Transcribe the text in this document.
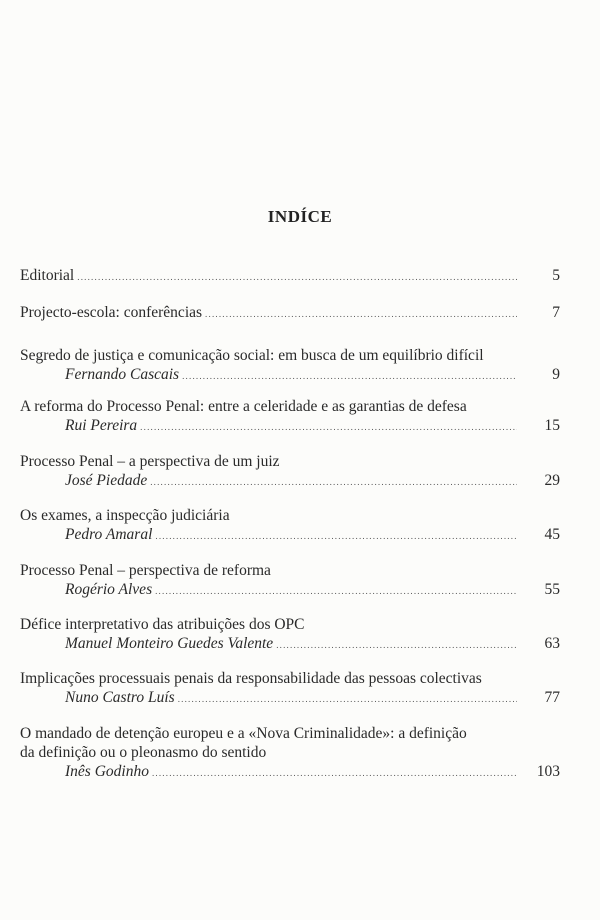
INDÍCE
Editorial .....	5
Projecto-escola: conferências .....	7
Segredo de justiça e comunicação social: em busca de um equilíbrio difícil
Fernando Cascais .....	9
A reforma do Processo Penal: entre a celeridade e as garantias de defesa
Rui Pereira .....	15
Processo Penal – a perspectiva de um juiz
José Piedade .....	29
Os exames, a inspecção judiciária
Pedro Amaral .....	45
Processo Penal – perspectiva de reforma
Rogério Alves .....	55
Défice interpretativo das atribuições dos OPC
Manuel Monteiro Guedes Valente .....	63
Implicações processuais penais da responsabilidade das pessoas colectivas
Nuno Castro Luís .....	77
O mandado de detenção europeu e a «Nova Criminalidade»: a definição
da definição ou o pleonasmo do sentido
Inês Godinho .....	103
